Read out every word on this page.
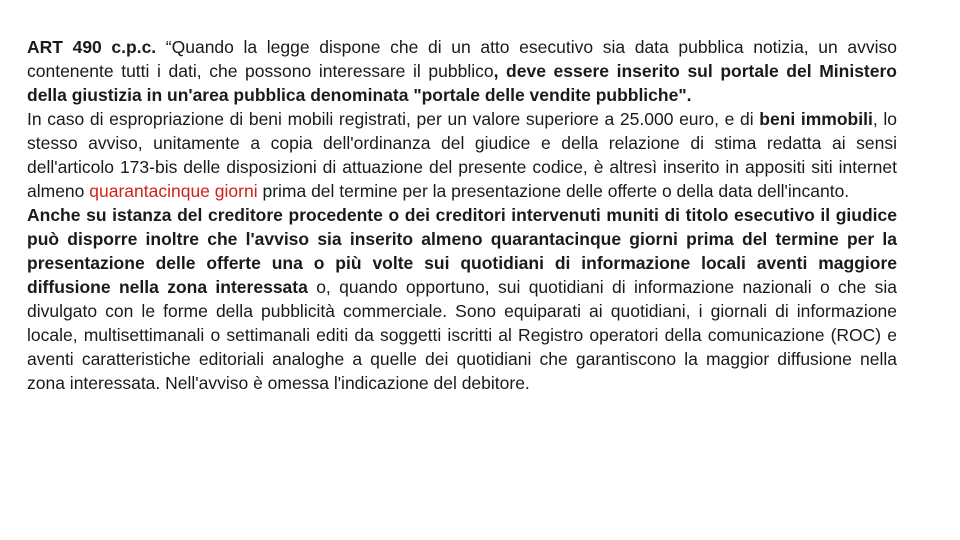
ART 490 c.p.c. “Quando la legge dispone che di un atto esecutivo sia data pubblica notizia, un avviso contenente tutti i dati, che possono interessare il pubblico, deve essere inserito sul portale del Ministero della giustizia in un'area pubblica denominata "portale delle vendite pubbliche".

In caso di espropriazione di beni mobili registrati, per un valore superiore a 25.000 euro, e di beni immobili, lo stesso avviso, unitamente a copia dell'ordinanza del giudice e della relazione di stima redatta ai sensi dell'articolo 173-bis delle disposizioni di attuazione del presente codice, è altresì inserito in appositi siti internet almeno quarantacinque giorni prima del termine per la presentazione delle offerte o della data dell'incanto.

Anche su istanza del creditore procedente o dei creditori intervenuti muniti di titolo esecutivo il giudice può disporre inoltre che l'avviso sia inserito almeno quarantacinque giorni prima del termine per la presentazione delle offerte una o più volte sui quotidiani di informazione locali aventi maggiore diffusione nella zona interessata o, quando opportuno, sui quotidiani di informazione nazionali o che sia divulgato con le forme della pubblicità commerciale. Sono equiparati ai quotidiani, i giornali di informazione locale, multisettimanali o settimanali editi da soggetti iscritti al Registro operatori della comunicazione (ROC) e aventi caratteristiche editoriali analoghe a quelle dei quotidiani che garantiscono la maggior diffusione nella zona interessata. Nell'avviso è omessa l'indicazione del debitore.
